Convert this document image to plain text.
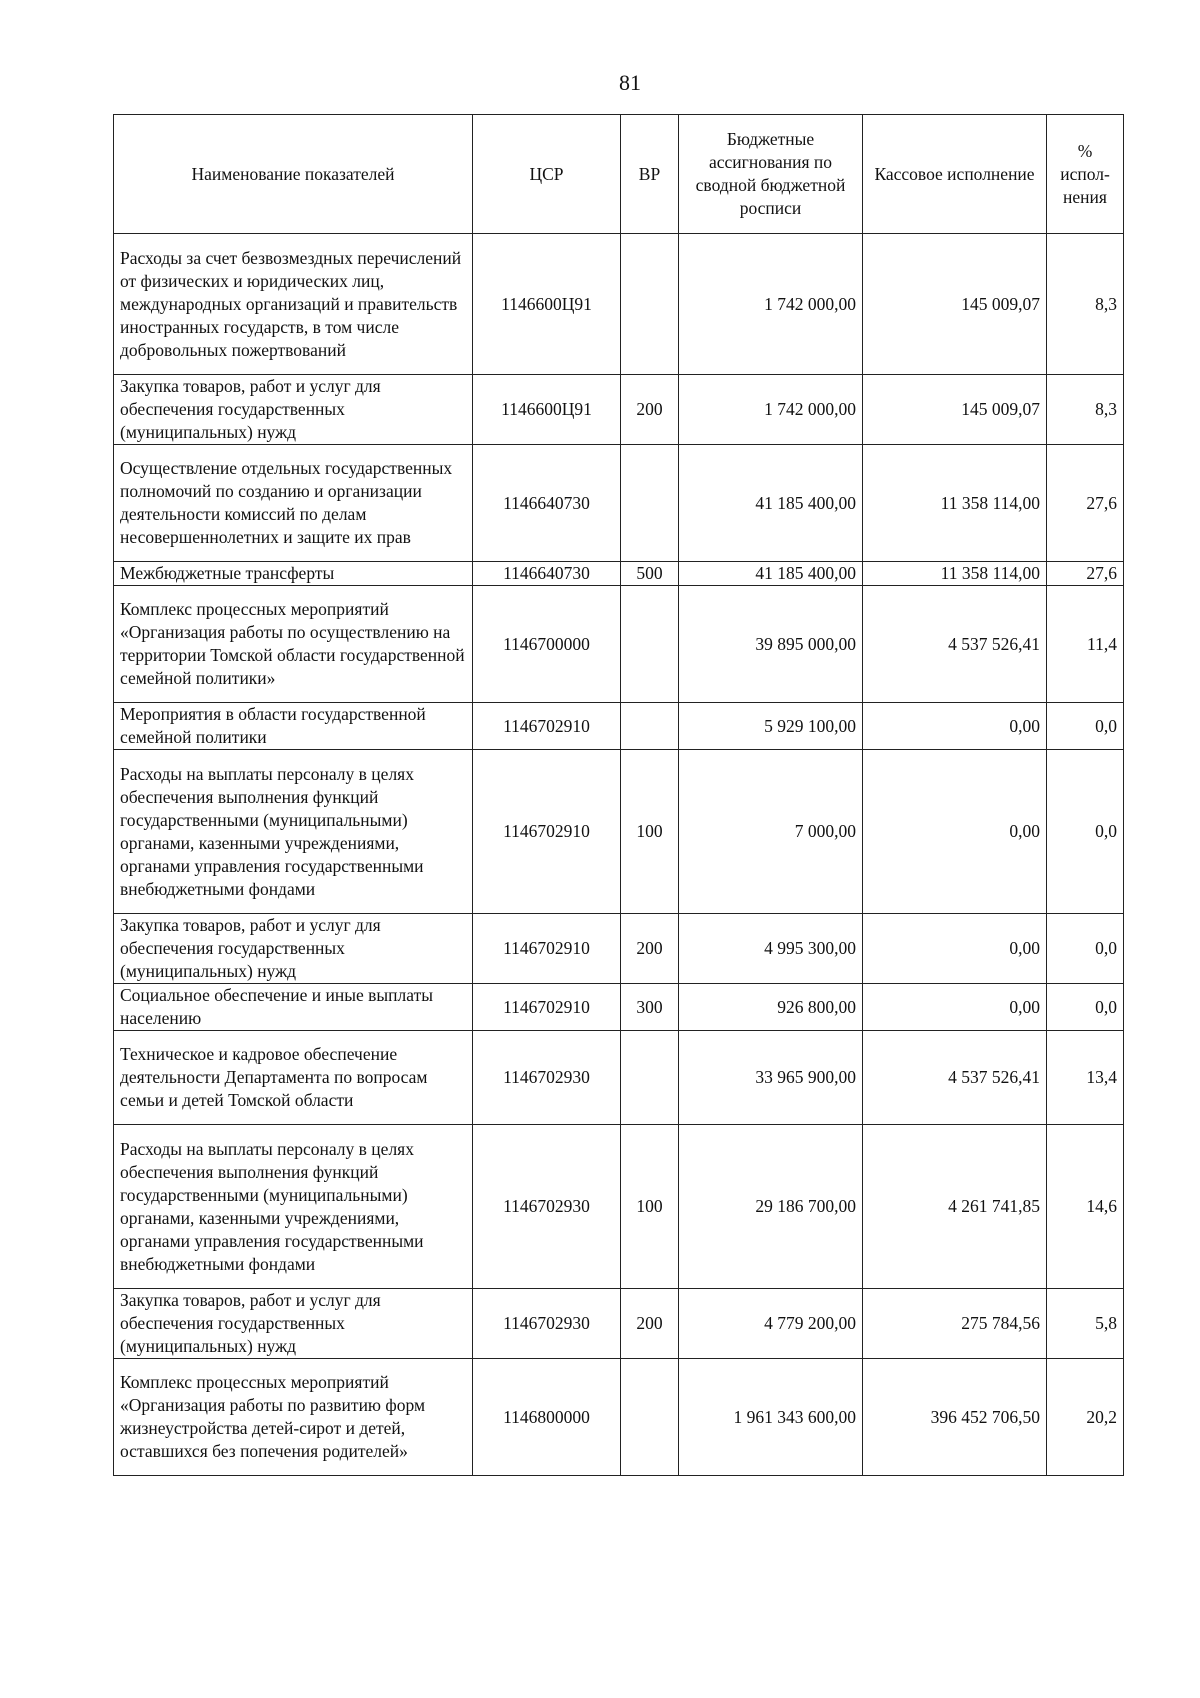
81
Наименование показателей	ЦСР	ВР	Бюджетные ассигнования по сводной бюджетной росписи	Кассовое исполнение	% испол-нения
Расходы за счет безвозмездных перечислений от физических и юридических лиц, международных организаций и правительств иностранных государств, в том числе добровольных пожертвований	1146600Ц91		1 742 000,00	145 009,07	8,3
Закупка товаров, работ и услуг для обеспечения государственных (муниципальных) нужд	1146600Ц91	200	1 742 000,00	145 009,07	8,3
Осуществление отдельных государственных полномочий по созданию и организации деятельности комиссий по делам несовершеннолетних и защите их прав	1146640730		41 185 400,00	11 358 114,00	27,6
Межбюджетные трансферты	1146640730	500	41 185 400,00	11 358 114,00	27,6
Комплекс процессных мероприятий «Организация работы по осуществлению на территории Томской области государственной семейной политики»	1146700000		39 895 000,00	4 537 526,41	11,4
Мероприятия в области государственной семейной политики	1146702910		5 929 100,00	0,00	0,0
Расходы на выплаты персоналу в целях обеспечения выполнения функций государственными (муниципальными) органами, казенными учреждениями, органами управления государственными внебюджетными фондами	1146702910	100	7 000,00	0,00	0,0
Закупка товаров, работ и услуг для обеспечения государственных (муниципальных) нужд	1146702910	200	4 995 300,00	0,00	0,0
Социальное обеспечение и иные выплаты населению	1146702910	300	926 800,00	0,00	0,0
Техническое и кадровое обеспечение деятельности Департамента по вопросам семьи и детей Томской области	1146702930		33 965 900,00	4 537 526,41	13,4
Расходы на выплаты персоналу в целях обеспечения выполнения функций государственными (муниципальными) органами, казенными учреждениями, органами управления государственными внебюджетными фондами	1146702930	100	29 186 700,00	4 261 741,85	14,6
Закупка товаров, работ и услуг для обеспечения государственных (муниципальных) нужд	1146702930	200	4 779 200,00	275 784,56	5,8
Комплекс процессных мероприятий «Организация работы по развитию форм жизнеустройства детей-сирот и детей, оставшихся без попечения родителей»	1146800000		1 961 343 600,00	396 452 706,50	20,2
